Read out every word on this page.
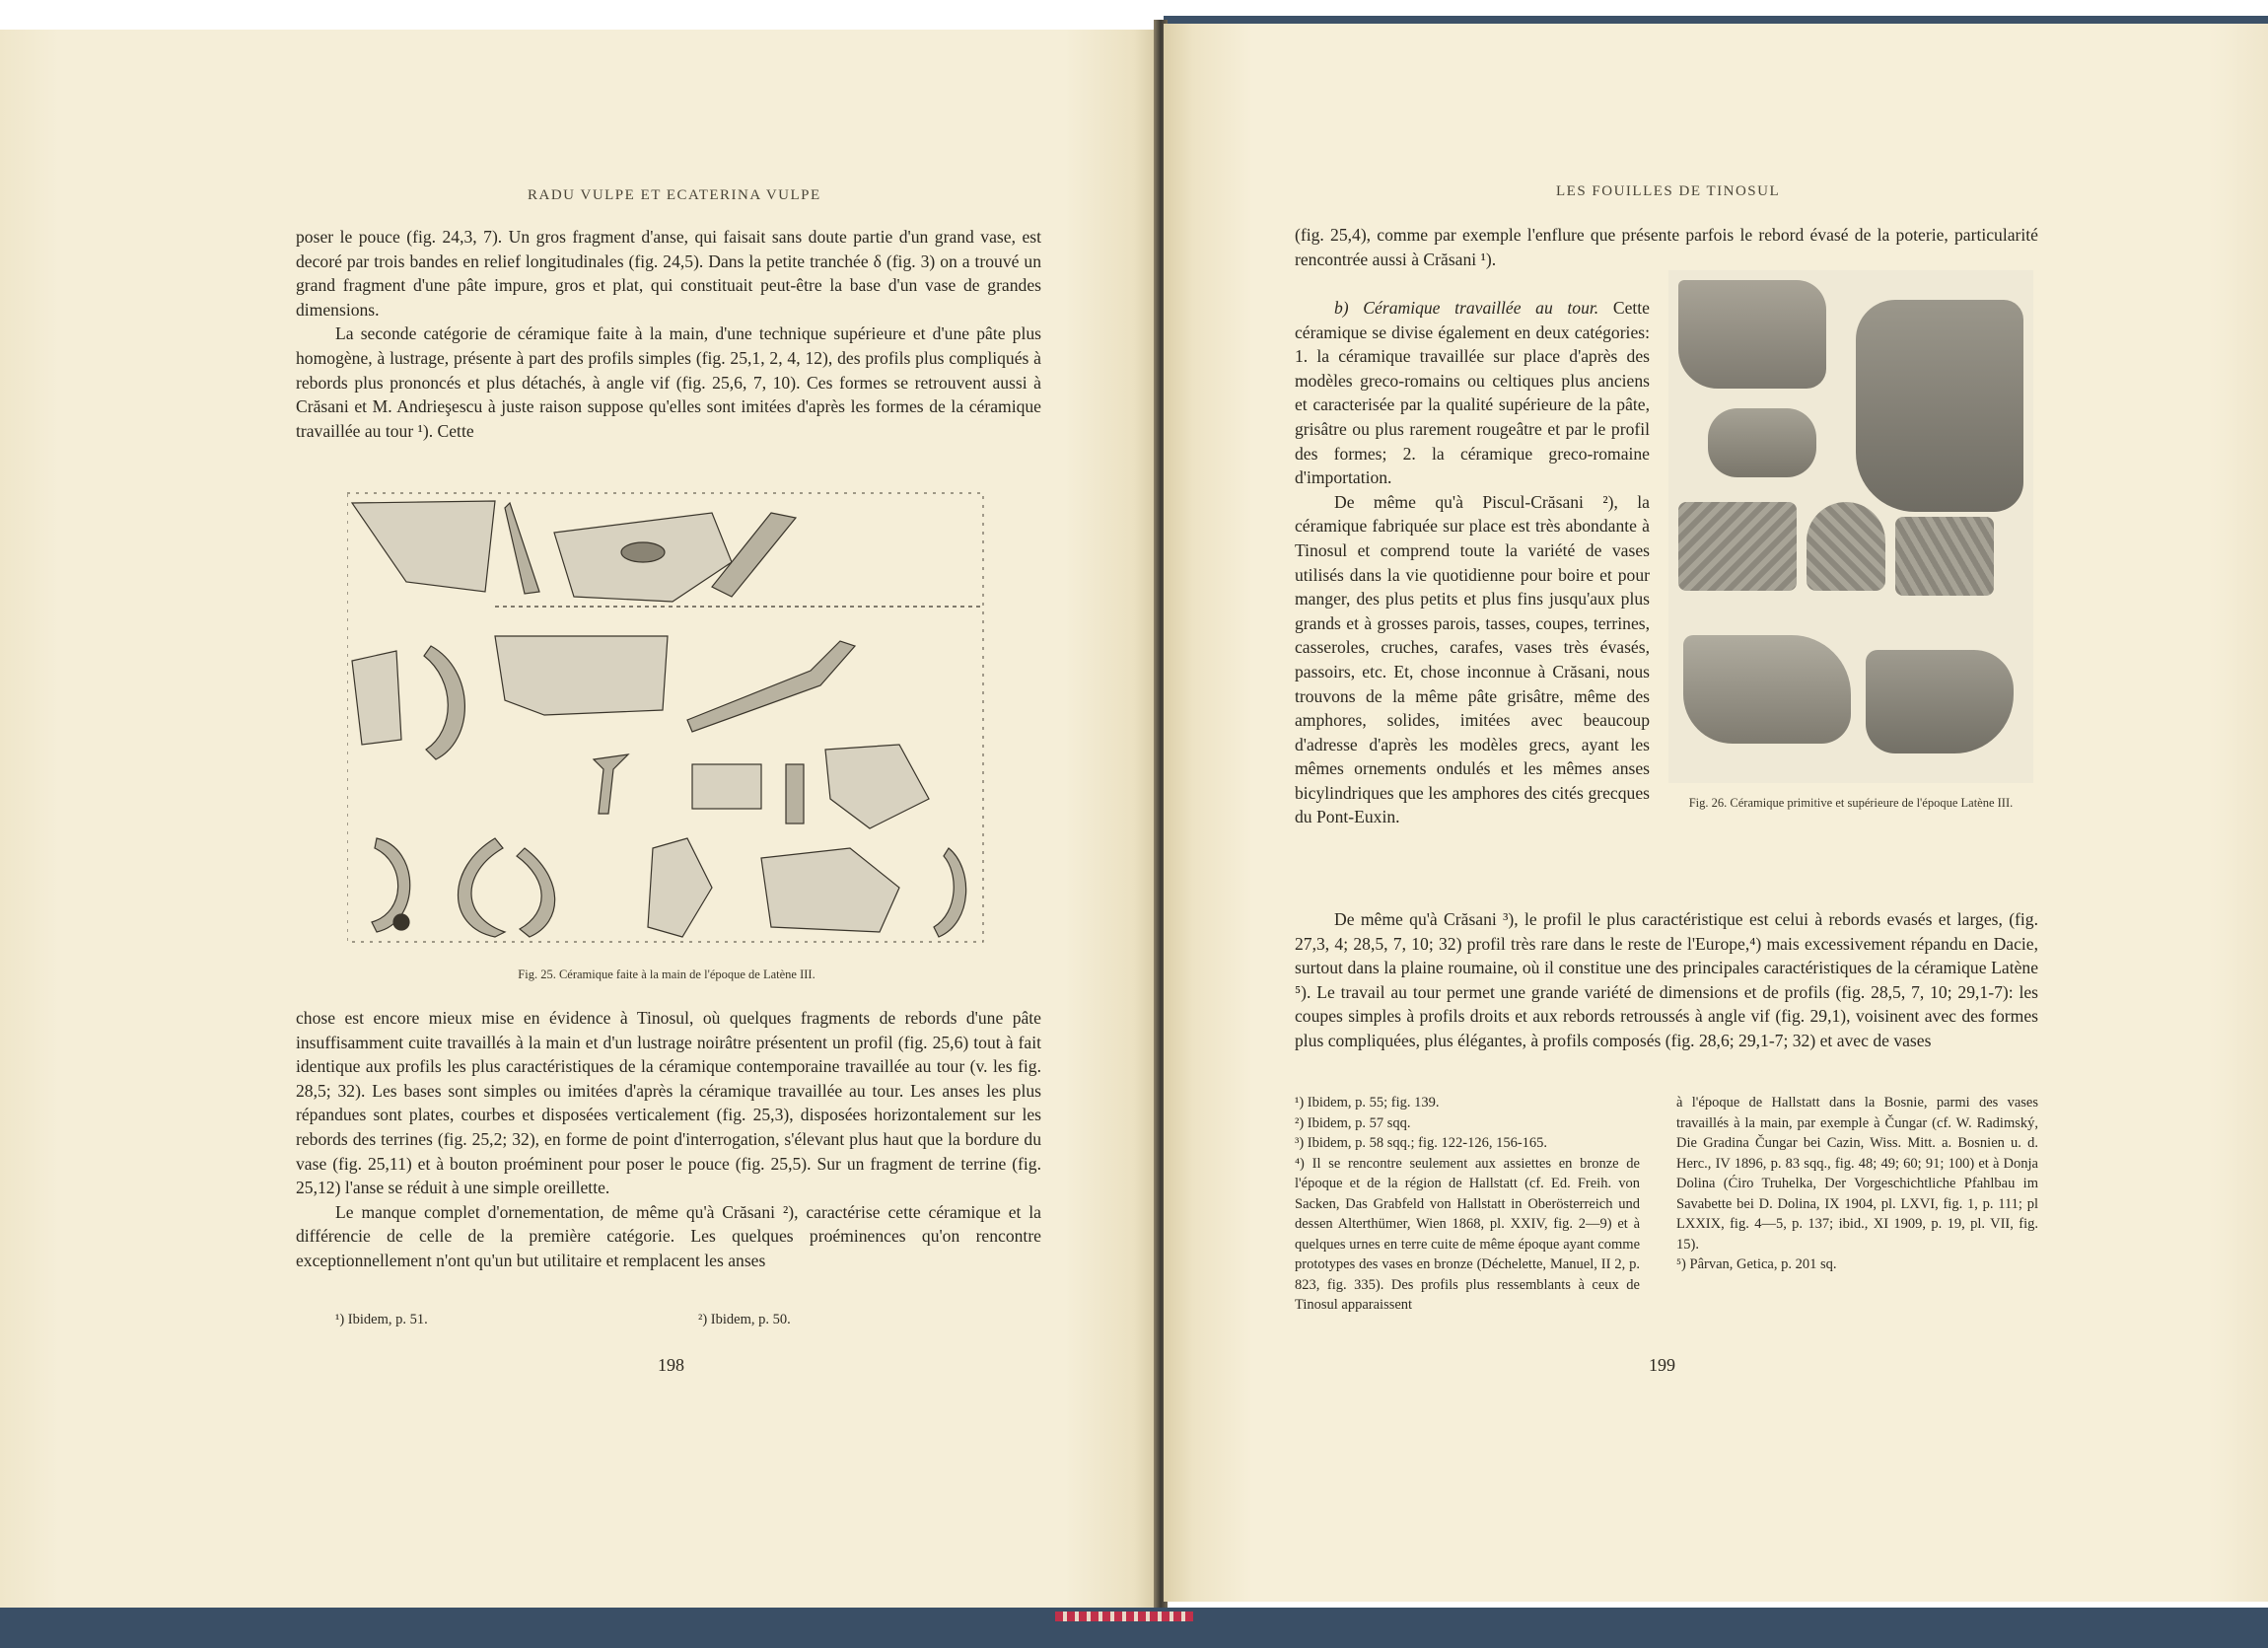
RADU VULPE ET ECATERINA VULPE

poser le pouce (fig. 24,3, 7). Un gros fragment d'anse, qui faisait sans doute partie d'un grand vase, est decoré par trois bandes en relief longitudinales (fig. 24,5). Dans la petite tranchée δ (fig. 3) on a trouvé un grand fragment d'une pâte impure, gros et plat, qui constituait peut-être la base d'un vase de grandes dimensions.

La seconde catégorie de céramique faite à la main, d'une technique supérieure et d'une pâte plus homogène, à lustrage, présente à part des profils simples (fig. 25,1, 2, 4, 12), des profils plus compliqués à rebords plus prononcés et plus détachés, à angle vif (fig. 25,6, 7, 10). Ces formes se retrouvent aussi à Crăsani et M. Andrieşescu à juste raison suppose qu'elles sont imitées d'après les formes de la céramique travaillée au tour ¹). Cette

Fig. 25. Céramique faite à la main de l'époque de Latène III.

chose est encore mieux mise en évidence à Tinosul, où quelques fragments de rebords d'une pâte insuffisamment cuite travaillés à la main et d'un lustrage noirâtre présentent un profil (fig. 25,6) tout à fait identique aux profils les plus caractéristiques de la céramique contemporaine travaillée au tour (v. les fig. 28,5; 32). Les bases sont simples ou imitées d'après la céramique travaillée au tour. Les anses les plus répandues sont plates, courbes et disposées verticalement (fig. 25,3), disposées horizontalement sur les rebords des terrines (fig. 25,2; 32), en forme de point d'interrogation, s'élevant plus haut que la bordure du vase (fig. 25,11) et à bouton proéminent pour poser le pouce (fig. 25,5). Sur un fragment de terrine (fig. 25,12) l'anse se réduit à une simple oreillette.

Le manque complet d'ornementation, de même qu'à Crăsani ²), caractérise cette céramique et la différencie de celle de la première catégorie. Les quelques proéminences qu'on rencontre exceptionnellement n'ont qu'un but utilitaire et remplacent les anses

¹) Ibidem, p. 51.	²) Ibidem, p. 50.
198
LES FOUILLES DE TINOSUL
(fig. 25,4), comme par exemple l'enflure que présente parfois le rebord évasé de la poterie, particularité rencontrée aussi à Crăsani ¹).

b) Céramique travaillée au tour. Cette céramique se divise également en deux catégories: 1. la céramique travaillée sur place d'après des modèles greco-romains ou celtiques plus anciens et caracterisée par la qualité supérieure de la pâte, grisâtre ou plus rarement rougeâtre et par le profil des formes; 2. la céramique greco-romaine d'importation.

De même qu'à Piscul-Crăsani ²), la céramique fabriquée sur place est très abondante à Tinosul et comprend toute la variété de vases utilisés dans la vie quotidienne pour boire et pour manger, des plus petits et plus fins jusqu'aux plus grands et à grosses parois, tasses, coupes, terrines, casseroles, cruches, carafes, vases très évasés, passoirs, etc. Et, chose inconnue à Crăsani, nous trouvons de la même pâte grisâtre, même des amphores, solides, imitées avec beaucoup d'adresse d'après les modèles grecs, ayant les mêmes ornements ondulés et les mêmes anses bicylindriques que les amphores des cités grecques du Pont-Euxin.

Fig. 26. Céramique primitive et supérieure de l'époque Latène III.

De même qu'à Crăsani ³), le profil le plus caractéristique est celui à rebords evasés et larges, (fig. 27,3, 4; 28,5, 7, 10; 32) profil très rare dans le reste de l'Europe,⁴) mais excessivement répandu en Dacie, surtout dans la plaine roumaine, où il constitue une des principales caractéristiques de la céramique Latène ⁵). Le travail au tour permet une grande variété de dimensions et de profils (fig. 28,5, 7, 10; 29,1-7): les coupes simples à profils droits et aux rebords retroussés à angle vif (fig. 29,1), voisinent avec des formes plus compliquées, plus élégantes, à profils composés (fig. 28,6; 29,1-7; 32) et avec de vases

¹) Ibidem, p. 55; fig. 139.

²) Ibidem, p. 57 sqq.

³) Ibidem, p. 58 sqq.; fig. 122-126, 156-165.

⁴) Il se rencontre seulement aux assiettes en bronze de l'époque et de la région de Hallstatt (cf. Ed. Freih. von Sacken, Das Grabfeld von Hallstatt in Oberösterreich und dessen Alterthümer, Wien 1868, pl. XXIV, fig. 2—9) et à quelques urnes en terre cuite de même époque ayant comme prototypes des vases en bronze (Déchelette, Manuel, II 2, p. 823, fig. 335). Des profils plus ressemblants à ceux de Tinosul apparaissent

à l'époque de Hallstatt dans la Bosnie, parmi des vases travaillés à la main, par exemple à Čungar (cf. W. Radimský, Die Gradina Čungar bei Cazin, Wiss. Mitt. a. Bosnien u. d. Herc., IV 1896, p. 83 sqq., fig. 48; 49; 60; 91; 100) et à Donja Dolina (Ćiro Truhelka, Der Vorgeschichtliche Pfahlbau im Savabette bei D. Dolina, IX 1904, pl. LXVI, fig. 1, p. 111; pl LXXIX, fig. 4—5, p. 137; ibid., XI 1909, p. 19, pl. VII, fig. 15).

⁵) Pârvan, Getica, p. 201 sq.

199
